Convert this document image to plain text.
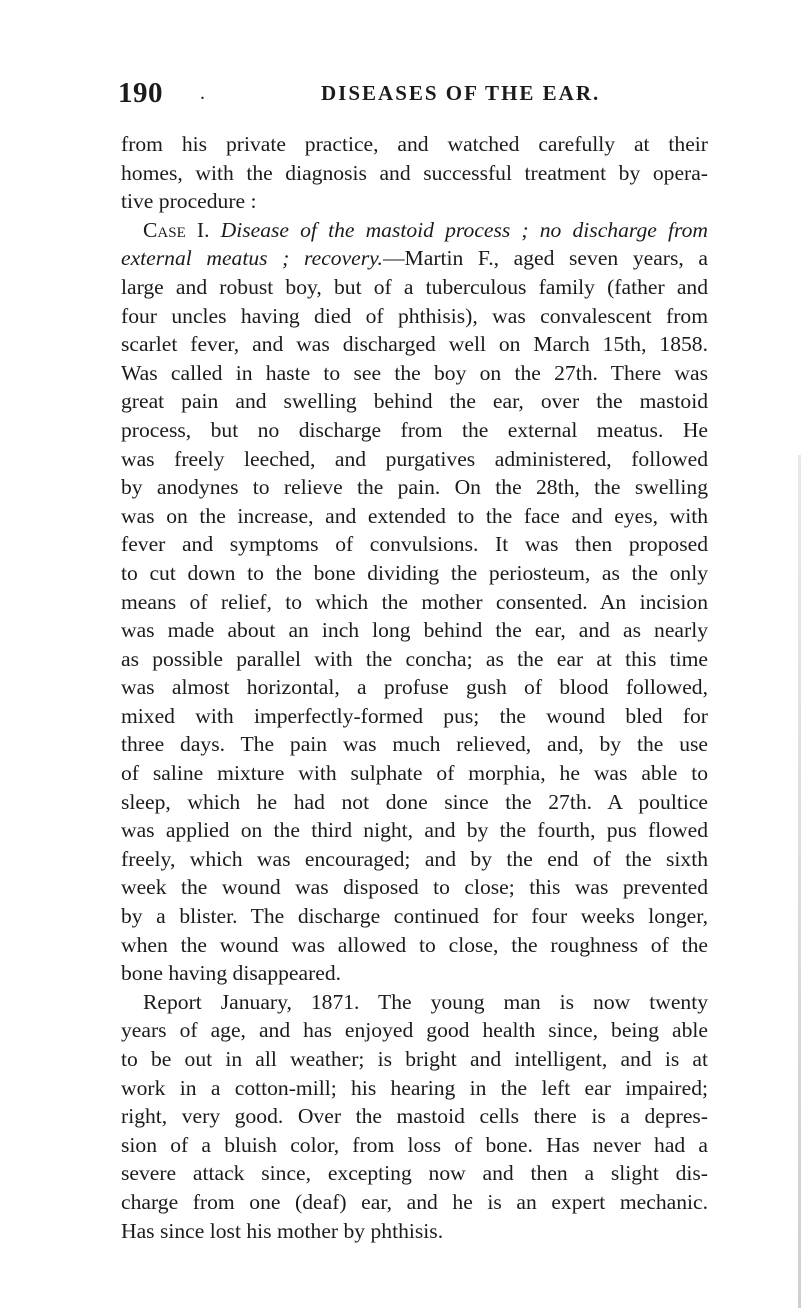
190 .	DISEASES OF THE EAR.
from his private practice, and watched carefully at their
homes, with the diagnosis and successful treatment by opera-
tive procedure :
Case I. Disease of the mastoid process ; no discharge from
external meatus ; recovery.—Martin F., aged seven years, a
large and robust boy, but of a tuberculous family (father and
four uncles having died of phthisis), was convalescent from
scarlet fever, and was discharged well on March 15th, 1858.
Was called in haste to see the boy on the 27th. There was
great pain and swelling behind the ear, over the mastoid
process, but no discharge from the external meatus. He
was freely leeched, and purgatives administered, followed
by anodynes to relieve the pain. On the 28th, the swelling
was on the increase, and extended to the face and eyes, with
fever and symptoms of convulsions. It was then proposed
to cut down to the bone dividing the periosteum, as the only
means of relief, to which the mother consented. An incision
was made about an inch long behind the ear, and as nearly
as possible parallel with the concha; as the ear at this time
was almost horizontal, a profuse gush of blood followed,
mixed with imperfectly-formed pus; the wound bled for
three days. The pain was much relieved, and, by the use
of saline mixture with sulphate of morphia, he was able to
sleep, which he had not done since the 27th. A poultice
was applied on the third night, and by the fourth, pus flowed
freely, which was encouraged; and by the end of the sixth
week the wound was disposed to close; this was prevented
by a blister. The discharge continued for four weeks longer,
when the wound was allowed to close, the roughness of the
bone having disappeared.
Report January, 1871. The young man is now twenty
years of age, and has enjoyed good health since, being able
to be out in all weather; is bright and intelligent, and is at
work in a cotton-mill; his hearing in the left ear impaired;
right, very good. Over the mastoid cells there is a depres-
sion of a bluish color, from loss of bone. Has never had a
severe attack since, excepting now and then a slight dis-
charge from one (deaf) ear, and he is an expert mechanic.
Has since lost his mother by phthisis.
